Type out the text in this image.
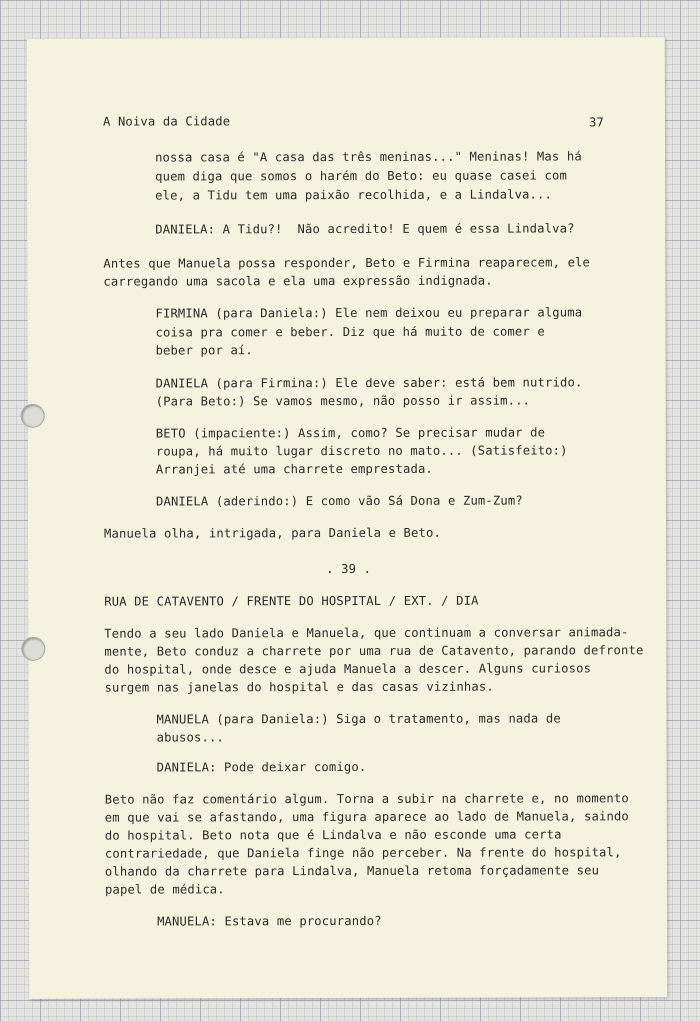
A Noiva da Cidade	37

nossa casa é "A casa das três meninas..." Meninas! Mas há

quem diga que somos o harém do Beto: eu quase casei com

ele, a Tidu tem uma paixão recolhida, e a Lindalva...

DANIELA: A Tidu?!  Não acredito! E quem é essa Lindalva?

Antes que Manuela possa responder, Beto e Firmina reaparecem, ele

carregando uma sacola e ela uma expressão indignada.

FIRMINA (para Daniela:) Ele nem deixou eu preparar alguma

coisa pra comer e beber. Diz que há muito de comer e

beber por aí.

DANIELA (para Firmina:) Ele deve saber: está bem nutrido.

(Para Beto:) Se vamos mesmo, não posso ir assim...

BETO (impaciente:) Assim, como? Se precisar mudar de

roupa, há muito lugar discreto no mato... (Satisfeito:)

Arranjei até uma charrete emprestada.

DANIELA (aderindo:) E como vão Sá Dona e Zum-Zum?

Manuela olha, intrigada, para Daniela e Beto.

. 39 .

RUA DE CATAVENTO / FRENTE DO HOSPITAL / EXT. / DIA

Tendo a seu lado Daniela e Manuela, que continuam a conversar animada-

mente, Beto conduz a charrete por uma rua de Catavento, parando defronte

do hospital, onde desce e ajuda Manuela a descer. Alguns curiosos

surgem nas janelas do hospital e das casas vizinhas.

MANUELA (para Daniela:) Siga o tratamento, mas nada de

abusos...

DANIELA: Pode deixar comigo.

Beto não faz comentário algum. Torna a subir na charrete e, no momento

em que vai se afastando, uma figura aparece ao lado de Manuela, saindo

do hospital. Beto nota que é Lindalva e não esconde uma certa

contrariedade, que Daniela finge não perceber. Na frente do hospital,

olhando da charrete para Lindalva, Manuela retoma forçadamente seu

papel de médica.

MANUELA: Estava me procurando?
